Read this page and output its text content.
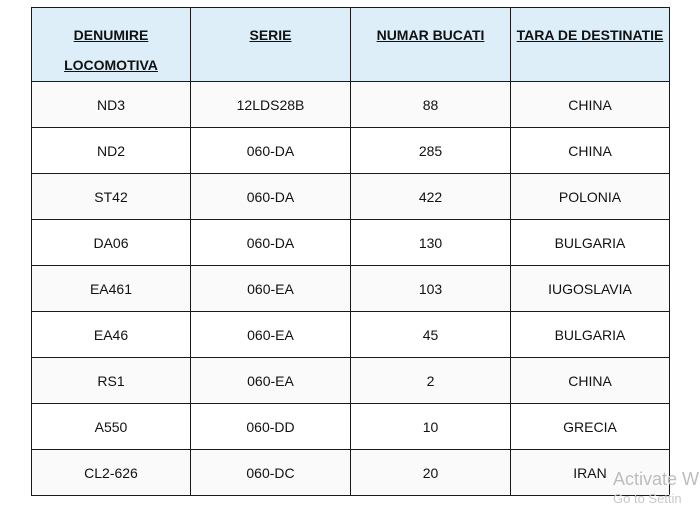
DENUMIRE LOCOMOTIVA	SERIE	NUMAR BUCATI	TARA DE DESTINATIE
ND3	12LDS28B	88	CHINA
ND2	060-DA	285	CHINA
ST42	060-DA	422	POLONIA
DA06	060-DA	130	BULGARIA
EA461	060-EA	103	IUGOSLAVIA
EA46	060-EA	45	BULGARIA
RS1	060-EA	2	CHINA
A550	060-DD	10	GRECIA
CL2-626	060-DC	20	IRAN Activate W
Go to Settin
